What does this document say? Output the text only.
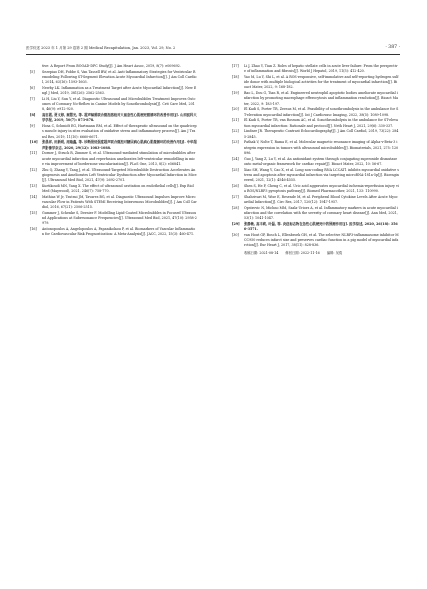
医学综述 2023 年 1 月第 29 卷第 2 期 Medical Recapitulation, Jan. 2023, Vol. 29, No. 2	· 387 ·
tive: A Report From BOOAD-DPC Study[J]. J Am Heart Assoc, 2019, 8(7): e009692.
[5] Sezepiao DH, Fobbe S, Van Tassell BW, et al. Anti-Inflammatory Strategies for Ventricular Remodeling Following ST-Segment Elevation Acute Myocardial Infarction[J]. J Am Coll Cardiol, 2014, 63(16): 1593-1603.
[6] Newby LK. Inflammation as a Treatment Target after Acute Myocardial Infarction[J]. New Engl J Med, 2019, 381(26): 2562-2563.
[7] Li H, Liu Y, Sun Y, et al. Diagnostic Ultrasound and Microbubbles Treatment Improves Outcomes of Coronary No-Reflow in Canine Models by Sonothrombolysis[J]. Crit Care Med, 2018, 46(9): e912-920.
[8] 高忠霞, 贾文婷, 秦慧光, 等. 超声辐照联合微泡溶栓对大鼠急性心肌梗死微循环的改善作用[J]. 山西医科大学学报, 2019, 50(7): 873-878.
[9] Hosa C, Schmidt EG, Hartmann RM, et al. Effect of therapeutic ultrasound on the quadriceps muscle injury in sites evaluation of oxidative stress and inflammatory process[J]. Am J Transl Res, 2019, 11(10): 6660-6671.
[10] 张晨祥, 田新明, 周瑞鑫, 等. 诊断级低强度超声联合微泡对糖尿病心肌病心肌微循环的改善作用[J]. 中华超声影像学杂志, 2020, 29(12): 1083-1088.
[11] Dorner J, Struck R, Zimmer S, et al. Ultrasound-mediated stimulation of microbubbles after acute myocardial infarction and reperfusion ameliorates left-ventricular remodelling in mice via improvement of borderzone vascularization[J]. PLoS One, 2013, 8(2): e56841.
[12] Zhu Q, Zhang Y, Tang J, et al. Ultrasound-Targeted Microbubble Destruction Accelerates Angiogenesis and Ameliorates Left Ventricular Dysfunction after Myocardial Infarction in Mice[J]. Ultrasound Med Biol, 2021, 47(9): 2692-2701.
[13] Kurtikoudi MN, Yang X. The effect of ultrasound cavitation on endothelial cells[J]. Exp Biol Med (Maywood), 2021, 246(7): 758-770.
[14] Mathias W Jr, Tsutsui JM, Tavares BG, et al. Diagnostic Ultrasound Impulses Improve Microvascular Flow in Patients With STEMI Receiving Intravenous Microbubbles[J]. J Am Coll Cardiol, 2016, 67(21): 2506-2515.
[15] Gummer J, Schenke S, Dernier F. Modelling Lipid-Coated Microbubbles in Focused Ultrasound Applications at Subresonance Frequencies[J]. Ultrasound Med Biol, 2021, 47(10): 2958-2979.
[16] Antonopoulos A, Angelopoulos A, Papanikolaou P, et al. Biomarkers of Vascular Inflammation for Cardiovascular Risk Prognostication: A Meta-Analysis[J]. JACC, 2022, 15(3): 460-471.
[17] Li J, Zhao Y, Tian Z. Roles of hepatic stellate cells in acute liver failure: From the perspective of inflammation and fibrosis[J]. World J Hepatol, 2019, 11(5): 412-420.
[18] Yao M, Lu Y, Shi L, et al. A ROS-responsive, self-immolative and self-reporting hydrogen sulfide donor with multiple biological activities for the treatment of myocardial infarction[J]. Bioact Mater, 2022, 9: 168-182.
[19] Bao L, Dou G, Tian R, et al. Engineered neutrophil apoptotic bodies ameliorate myocardial infarction by promoting macrophage efferocytosis and inflammation resolution[J]. Bioact Mater, 2022, 9: 183-197.
[20] El Kadi S, Porter TR, Zeesus M, et al. Feasibility of sonothrombolysis in the ambulance for ST-elevation myocardial infarction[J]. Int J Cardiovasc Imaging, 2022, 38(5): 1089-1098.
[21] El Kadi S, Porter TR, van Rossum AC, et al. Sonothrombolysis in the ambulance for ST-elevation myocardial infarction: Rationale and protocol[J]. Neth Heart J, 2021, 29(6): 330-337.
[22] Lindner JR. Therapeutic Contrast Echocardiography[J]. J Am Coll Cardiol, 2019, 73(22): 2845-2845.
[23] Pathak V, Nolte T, Rama E, et al. Molecular magnetic resonance imaging of Alpha-v-Beta-3 integrin expression in tumors with ultrasound microbubbles[J]. Biomaterials, 2021, 275: 120896.
[24] Guo J, Yang Z, Lu Y, et al. An antioxidant system through conjugating superoxide dismutase onto metal-organic framework for cardiac repair[J]. Bioact Mater, 2022, 10: 56-67.
[25] Xiao SH, Wang Y, Cao X, et al. Long non-coding RNA LCCAT1 inhibits myocardial oxidative stress and apoptosis after myocardial infarction via targeting microRNA-181a-5p[J]. Bioengineered, 2021, 12(1): 4546-4555.
[26] Shen S, He F, Cheng C, et al. Uric acid aggravates myocardial ischemia-reperfusion injury via ROS/NLRP3 pyroptosis pathway[J]. Biomed Pharmacother, 2021, 133: 110990.
[27] Shahrivari M, Wise E, Resende M, et al. Peripheral Blood Cytokine Levels After Acute Myocardial Infarction[J]. Circ Res, 2017, 120(12): 1947-1957.
[28] Opstrovic N, Michno MM, Szala-Uriorz A, et al. Inflammatory markers in acute myocardial infarction and the correlation with the severity of coronary heart disease[J]. Ann Med, 2021, 53(1): 1041-1047.
[29] 张静敏, 高丰莉, 叶磊, 等. 炎症标志物在急性心肌梗死中的预测作用[J]. 医学综述, 2020, 26(18): 3566-3571.
[30] van Hout GP, Bosch L, Ellenbroek GH, et al. The selective NLRP3-inflammasome inhibitor MCC950 reduces infarct size and preserves cardiac function in a pig model of myocardial infarction[J]. Eur Heart J, 2017, 38(11): 828-836.
收稿日期: 2021-08-14 修回日期: 2022-11-16 编辑: 吴傥
